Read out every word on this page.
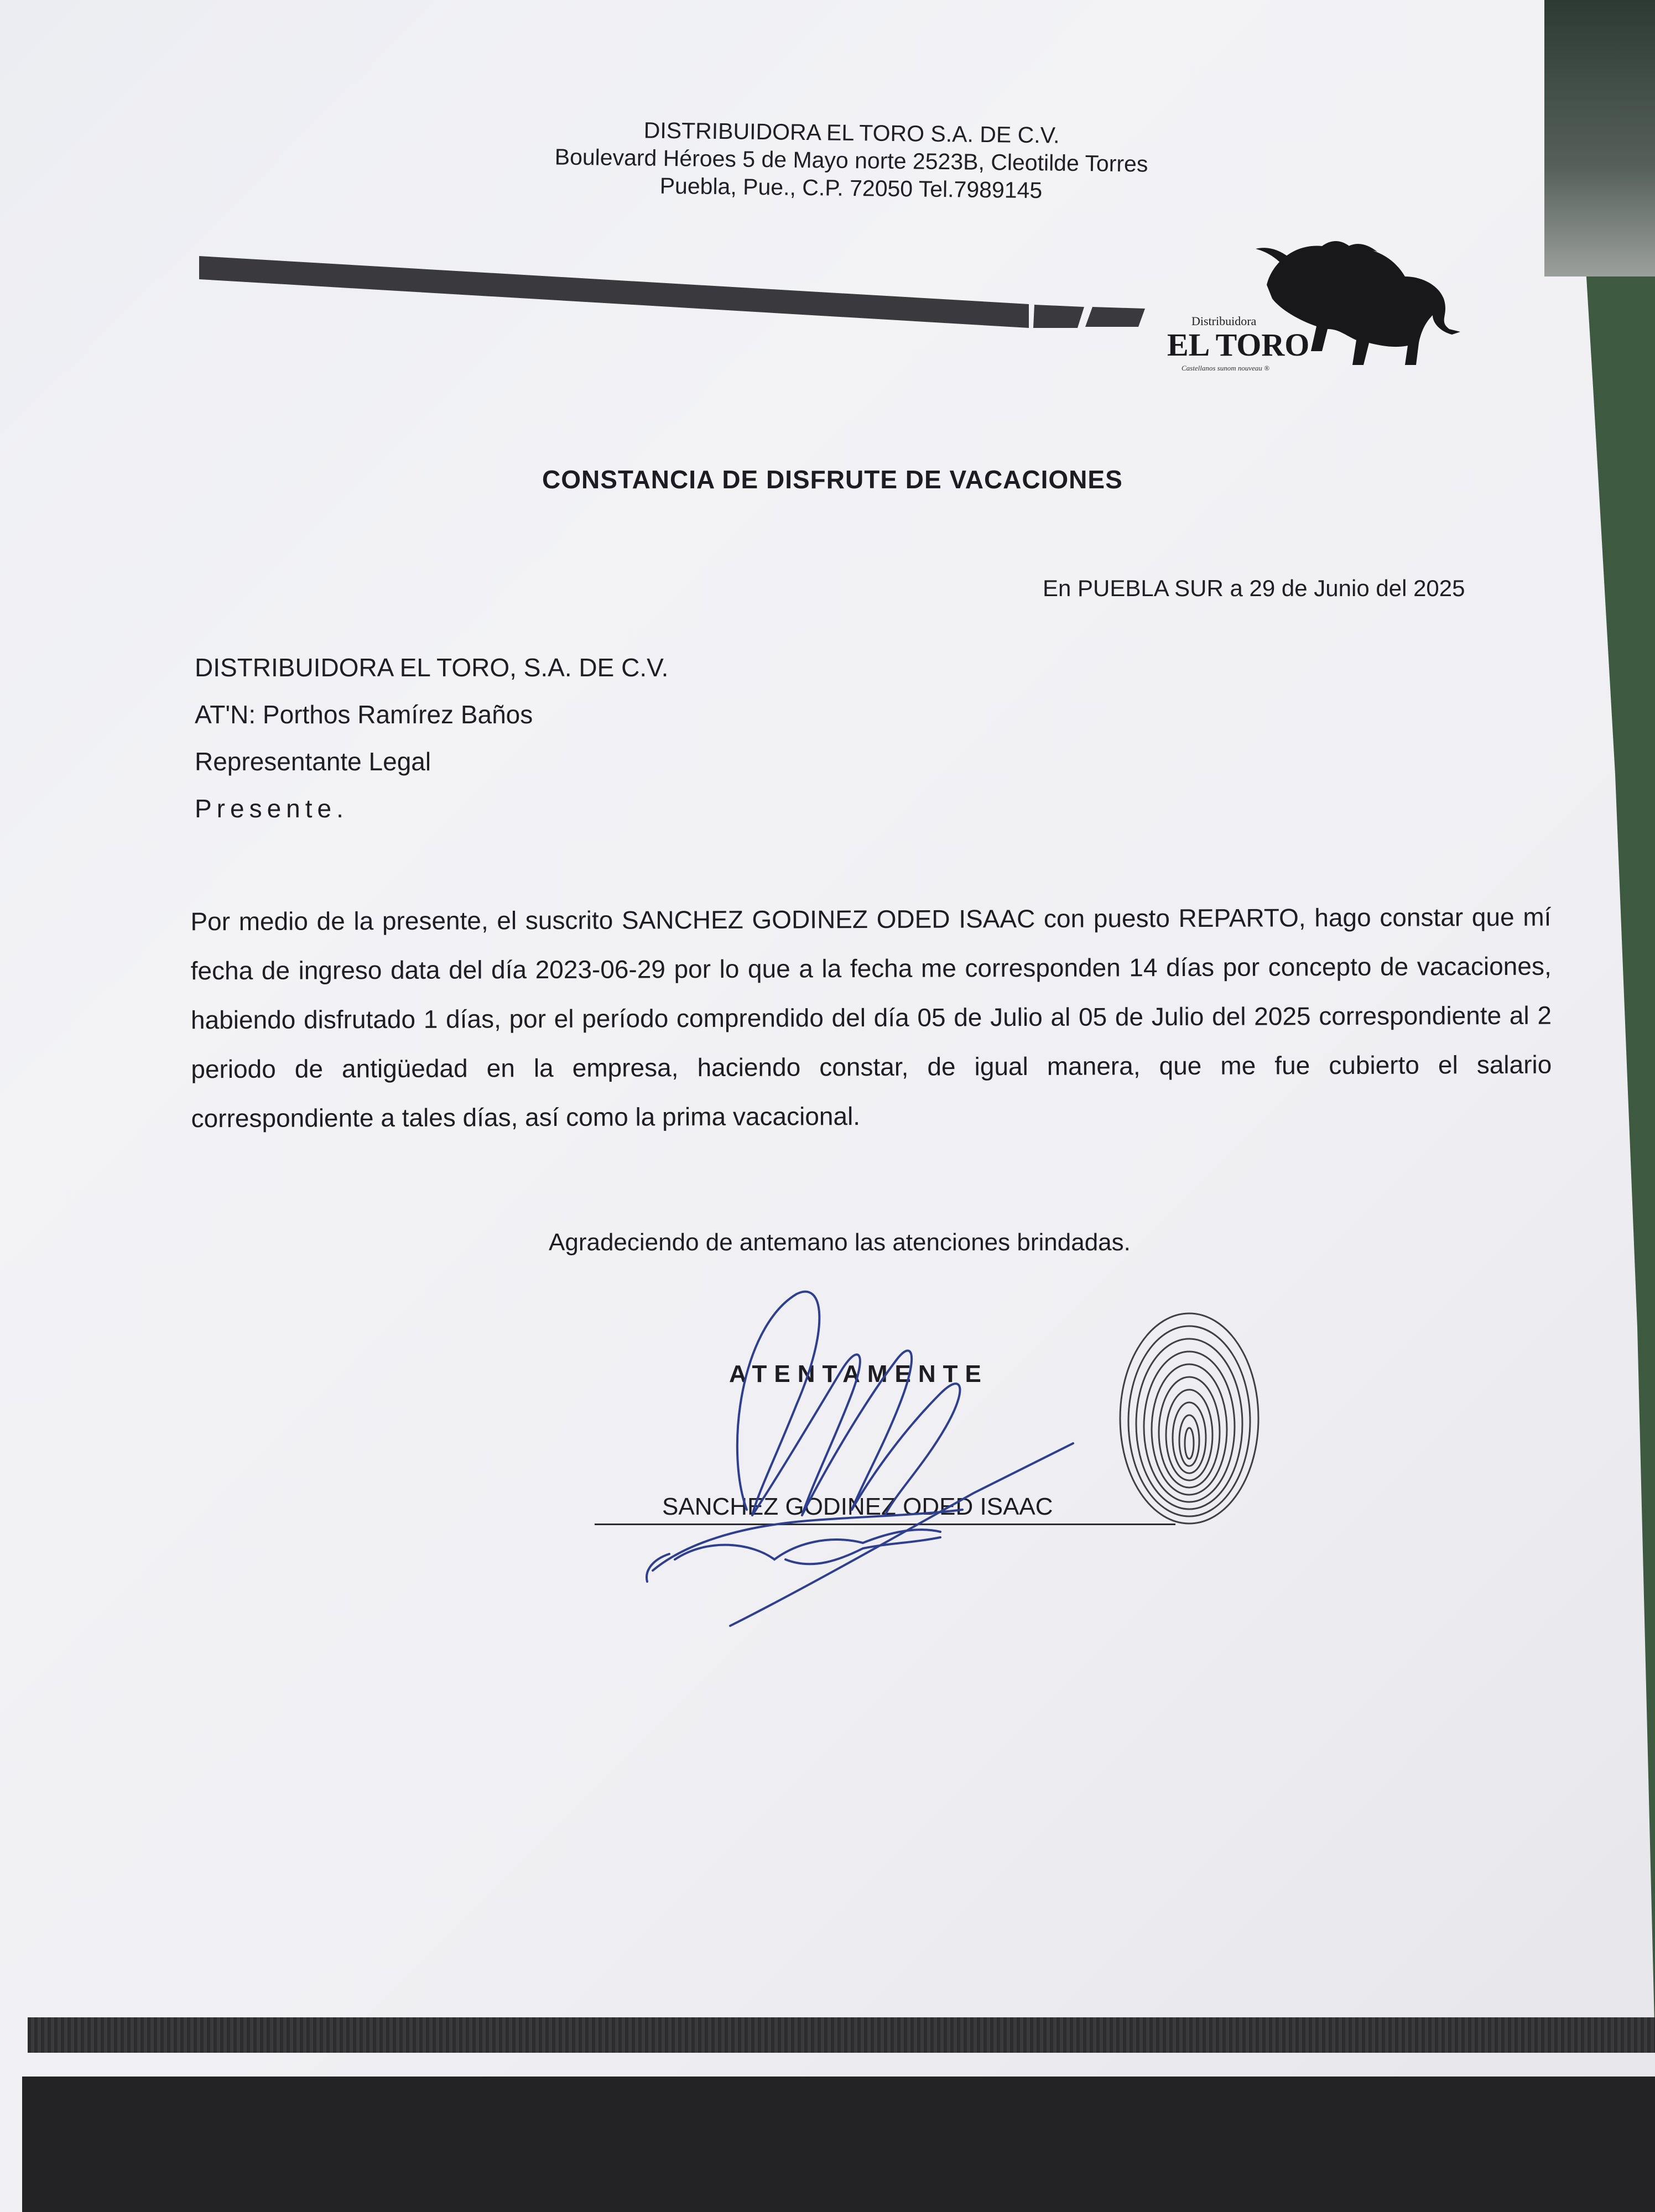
DISTRIBUIDORA EL TORO S.A. DE C.V.
Boulevard Héroes 5 de Mayo norte 2523B, Cleotilde Torres
Puebla, Pue., C.P. 72050 Tel.7989145
Distribuidora
EL TORO
Castellanos sunom nouveau ®
CONSTANCIA DE DISFRUTE DE VACACIONES
En PUEBLA SUR a 29 de Junio del 2025
DISTRIBUIDORA EL TORO, S.A. DE C.V.
AT'N: Porthos Ramírez Baños
Representante Legal
Presente.
Por medio de la presente, el suscrito SANCHEZ GODINEZ ODED ISAAC con puesto REPARTO, hago constar que mí fecha de ingreso data del día 2023-06-29 por lo que a la fecha me corresponden 14 días por concepto de vacaciones, habiendo disfrutado 1 días, por el período comprendido del día 05 de Julio al 05 de Julio del 2025 correspondiente al 2 periodo de antigüedad en la empresa, haciendo constar, de igual manera, que me fue cubierto el salario correspondiente a tales días, así como la prima vacacional.
Agradeciendo de antemano las atenciones brindadas.
ATENTAMENTE
SANCHEZ GODINEZ ODED ISAAC
